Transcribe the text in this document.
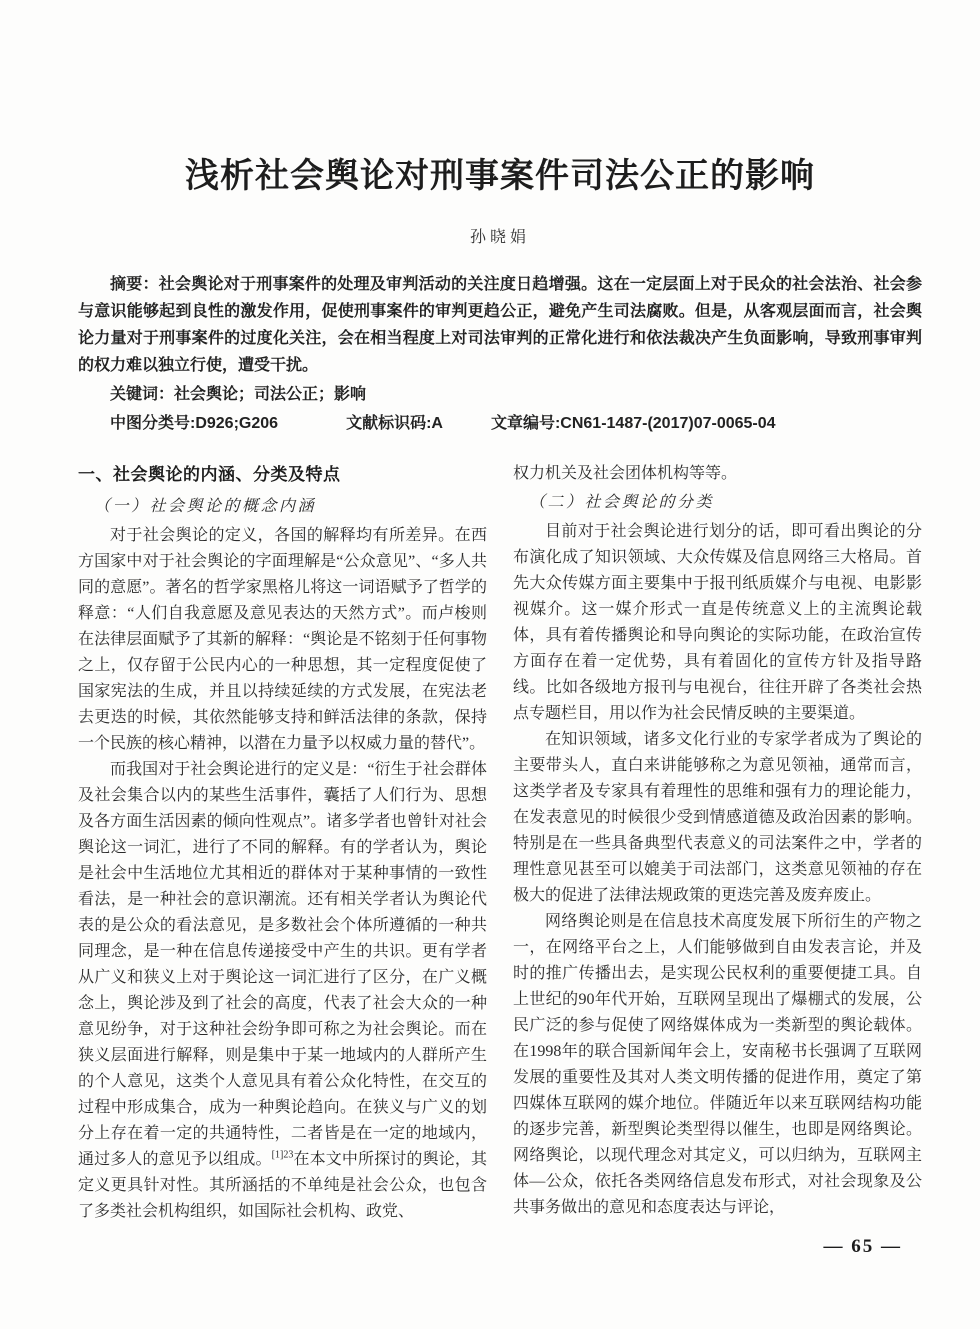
浅析社会舆论对刑事案件司法公正的影响
孙晓娟

摘要：社会舆论对于刑事案件的处理及审判活动的关注度日趋增强。这在一定层面上对于民众的社会法治、社会参与意识能够起到良性的激发作用，促使刑事案件的审判更趋公正，避免产生司法腐败。但是，从客观层面而言，社会舆论力量对于刑事案件的过度化关注，会在相当程度上对司法审判的正常化进行和依法裁决产生负面影响，导致刑事审判的权力难以独立行使，遭受干扰。

关键词：社会舆论；司法公正；影响

中图分类号:D926;G206	文献标识码:A	文章编号:CN61-1487-(2017)07-0065-04
一、社会舆论的内涵、分类及特点
（一）社会舆论的概念内涵

对于社会舆论的定义，各国的解释均有所差异。在西方国家中对于社会舆论的字面理解是“公众意见”、“多人共同的意愿”。著名的哲学家黑格儿将这一词语赋予了哲学的释意：“人们自我意愿及意见表达的天然方式”。而卢梭则在法律层面赋予了其新的解释：“舆论是不铭刻于任何事物之上，仅存留于公民内心的一种思想，其一定程度促使了国家宪法的生成，并且以持续延续的方式发展，在宪法老去更迭的时候，其依然能够支持和鲜活法律的条款，保持一个民族的核心精神，以潜在力量予以权威力量的替代”。

而我国对于社会舆论进行的定义是：“衍生于社会群体及社会集合以内的某些生活事件，囊括了人们行为、思想及各方面生活因素的倾向性观点”。诸多学者也曾针对社会舆论这一词汇，进行了不同的解释。有的学者认为，舆论是社会中生活地位尤其相近的群体对于某种事情的一致性看法，是一种社会的意识潮流。还有相关学者认为舆论代表的是公众的看法意见，是多数社会个体所遵循的一种共同理念，是一种在信息传递接受中产生的共识。更有学者从广义和狭义上对于舆论这一词汇进行了区分，在广义概念上，舆论涉及到了社会的高度，代表了社会大众的一种意见纷争，对于这种社会纷争即可称之为社会舆论。而在狭义层面进行解释，则是集中于某一地域内的人群所产生的个人意见，这类个人意见具有着公众化特性，在交互的过程中形成集合，成为一种舆论趋向。在狭义与广义的划分上存在着一定的共通特性，二者皆是在一定的地域内，通过多人的意见予以组成。$^{[1]23}$在本文中所探讨的舆论，其定义更具针对性。其所涵括的不单纯是社会公众，也包含了多类社会机构组织，如国际社会机构、政党、

权力机关及社会团体机构等等。

（二）社会舆论的分类

目前对于社会舆论进行划分的话，即可看出舆论的分布演化成了知识领域、大众传媒及信息网络三大格局。首先大众传媒方面主要集中于报刊纸质媒介与电视、电影影视媒介。这一媒介形式一直是传统意义上的主流舆论载体，具有着传播舆论和导向舆论的实际功能，在政治宣传方面存在着一定优势，具有着固化的宣传方针及指导路线。比如各级地方报刊与电视台，往往开辟了各类社会热点专题栏目，用以作为社会民情反映的主要渠道。

在知识领域，诸多文化行业的专家学者成为了舆论的主要带头人，直白来讲能够称之为意见领袖，通常而言，这类学者及专家具有着理性的思维和强有力的理论能力，在发表意见的时候很少受到情感道德及政治因素的影响。特别是在一些具备典型代表意义的司法案件之中，学者的理性意见甚至可以媲美于司法部门，这类意见领袖的存在极大的促进了法律法规政策的更迭完善及废弃废止。

网络舆论则是在信息技术高度发展下所衍生的产物之一，在网络平台之上，人们能够做到自由发表言论，并及时的推广传播出去，是实现公民权利的重要便捷工具。自上世纪的90年代开始，互联网呈现出了爆棚式的发展，公民广泛的参与促使了网络媒体成为一类新型的舆论载体。在1998年的联合国新闻年会上，安南秘书长强调了互联网发展的重要性及其对人类文明传播的促进作用，奠定了第四媒体互联网的媒介地位。伴随近年以来互联网结构功能的逐步完善，新型舆论类型得以催生，也即是网络舆论。网络舆论，以现代理念对其定义，可以归纳为，互联网主体—公众，依托各类网络信息发布形式，对社会现象及公共事务做出的意见和态度表达与评论，

— 65 —
